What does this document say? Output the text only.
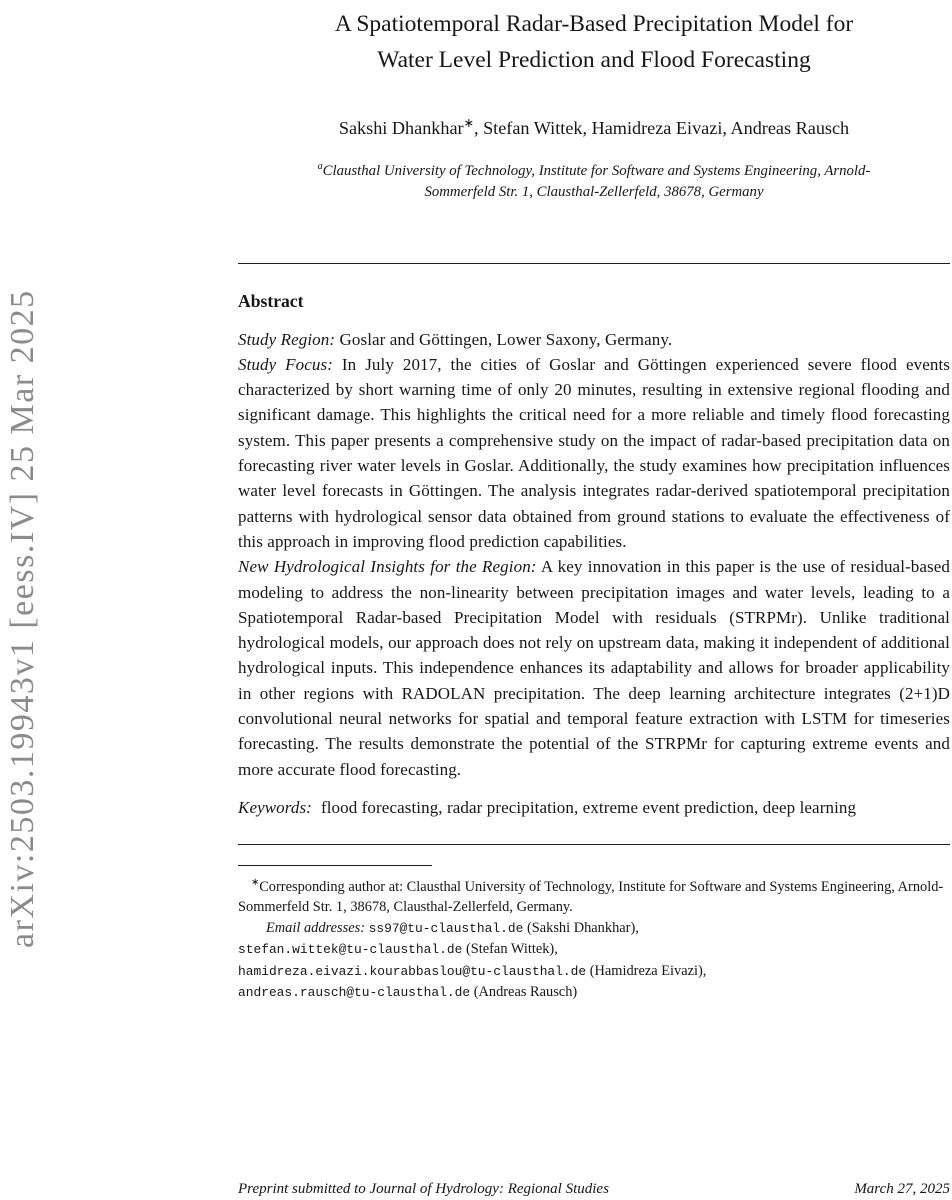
arXiv:2503.19943v1 [eess.IV] 25 Mar 2025
A Spatiotemporal Radar-Based Precipitation Model for
Water Level Prediction and Flood Forecasting
Sakshi Dhankhar∗, Stefan Wittek, Hamidreza Eivazi, Andreas Rausch
$^a$Clausthal University of Technology, Institute for Software and Systems Engineering, Arnold-Sommerfeld Str. 1, Clausthal-Zellerfeld, 38678, Germany
Abstract

Study Region: Goslar and Göttingen, Lower Saxony, Germany.

Study Focus: In July 2017, the cities of Goslar and Göttingen experienced severe flood events characterized by short warning time of only 20 minutes, resulting in extensive regional flooding and significant damage. This highlights the critical need for a more reliable and timely flood forecasting system. This paper presents a comprehensive study on the impact of radar-based precipitation data on forecasting river water levels in Goslar. Additionally, the study examines how precipitation influences water level forecasts in Göttingen. The analysis integrates radar-derived spatiotemporal precipitation patterns with hydrological sensor data obtained from ground stations to evaluate the effectiveness of this approach in improving flood prediction capabilities.

New Hydrological Insights for the Region: A key innovation in this paper is the use of residual-based modeling to address the non-linearity between precipitation images and water levels, leading to a Spatiotemporal Radar-based Precipitation Model with residuals (STRPMr). Unlike traditional hydrological models, our approach does not rely on upstream data, making it independent of additional hydrological inputs. This independence enhances its adaptability and allows for broader applicability in other regions with RADOLAN precipitation. The deep learning architecture integrates (2+1)D convolutional neural networks for spatial and temporal feature extraction with LSTM for timeseries forecasting. The results demonstrate the potential of the STRPMr for capturing extreme events and more accurate flood forecasting.

Keywords: flood forecasting, radar precipitation, extreme event prediction, deep learning

∗Corresponding author at: Clausthal University of Technology, Institute for Software and Systems Engineering, Arnold-Sommerfeld Str. 1, 38678, Clausthal-Zellerfeld, Germany.

Email addresses: ss97@tu-clausthal.de (Sakshi Dhankhar),

stefan.wittek@tu-clausthal.de (Stefan Wittek),

hamidreza.eivazi.kourabbaslou@tu-clausthal.de (Hamidreza Eivazi),

andreas.rausch@tu-clausthal.de (Andreas Rausch)

Preprint submitted to Journal of Hydrology: Regional Studies	March 27, 2025
